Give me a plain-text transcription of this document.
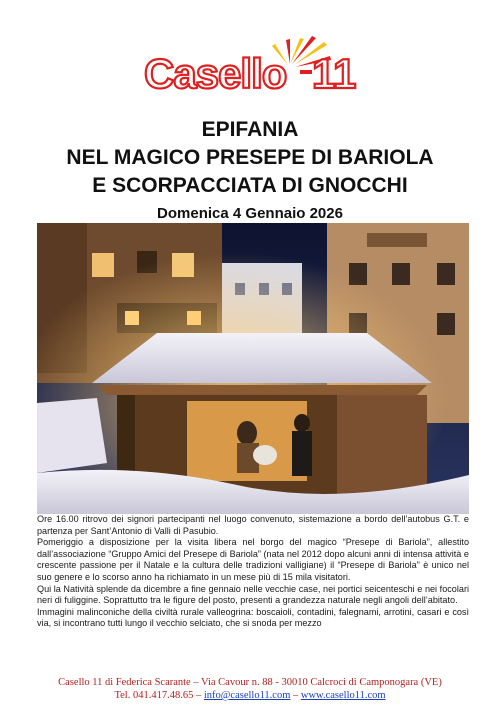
Casello 11
EPIFANIA
NEL MAGICO PRESEPE DI BARIOLA
E SCORPACCIATA DI GNOCCHI
Domenica 4 Gennaio 2026

Ore 16.00 ritrovo dei signori partecipanti nel luogo convenuto, sistemazione a bordo dell’autobus G.T. e partenza per Sant’Antonio di Valli di Pasubio.

Pomeriggio a disposizione per la visita libera nel borgo del magico “Presepe di Bariola”, allestito dall’associazione “Gruppo Amici del Presepe di Bariola” (nata nel 2012 dopo alcuni anni di intensa attività e crescente passione per il Natale e la cultura delle tradizioni valligiane) il “Presepe di Bariola” è unico nel suo genere e lo scorso anno ha richiamato in un mese più di 15 mila visitatori.

Qui la Natività splende da dicembre a fine gennaio nelle vecchie case, nei portici seicenteschi e nei focolari neri di fuliggine. Soprattutto tra le figure del posto, presenti a grandezza naturale negli angoli dell’abitato.

Immagini malinconiche della civiltà rurale valleogrina: boscaioli, contadini, falegnami, arrotini, casari e così via, si incontrano tutti lungo il vecchio selciato, che si snoda per mezzo

Casello 11 di Federica Scarante – Via Cavour n. 88 - 30010 Calcroci di Camponogara (VE)
Tel. 041.417.48.65 – info@casello11.com – www.casello11.com
